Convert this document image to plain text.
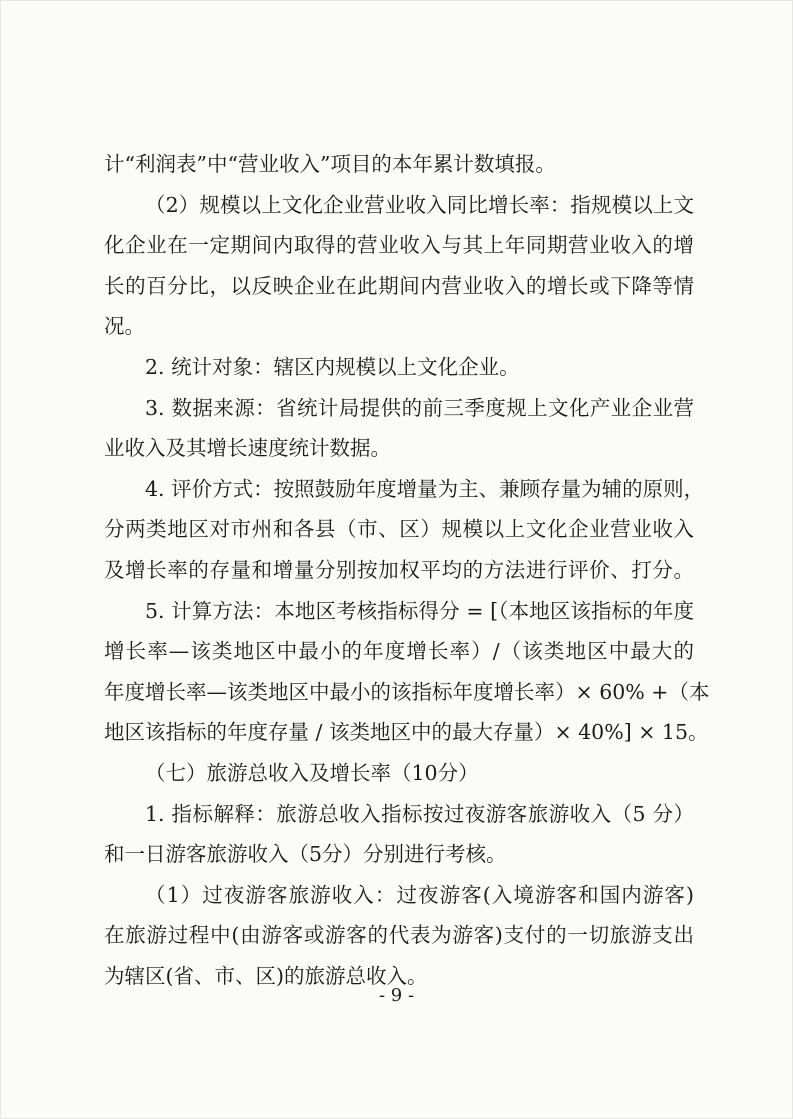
计“利润表”中“营业收入”项目的本年累计数填报。
（2）规模以上文化企业营业收入同比增长率：指规模以上文
化企业在一定期间内取得的营业收入与其上年同期营业收入的增
长的百分比，以反映企业在此期间内营业收入的增长或下降等情
况。
2. 统计对象：辖区内规模以上文化企业。
3. 数据来源：省统计局提供的前三季度规上文化产业企业营
业收入及其增长速度统计数据。
4. 评价方式：按照鼓励年度增量为主、兼顾存量为辅的原则，
分两类地区对市州和各县（市、区）规模以上文化企业营业收入
及增长率的存量和增量分别按加权平均的方法进行评价、打分。
5. 计算方法：本地区考核指标得分 = [（本地区该指标的年度
增长率—该类地区中最小的年度增长率）/（该类地区中最大的
年度增长率—该类地区中最小的该指标年度增长率）× 60% +（本
地区该指标的年度存量 / 该类地区中的最大存量）× 40%] × 15。
（七）旅游总收入及增长率（10分）
1. 指标解释：旅游总收入指标按过夜游客旅游收入（5 分）
和一日游客旅游收入（5分）分别进行考核。
（1）过夜游客旅游收入：过夜游客(入境游客和国内游客)
在旅游过程中(由游客或游客的代表为游客)支付的一切旅游支出
为辖区(省、市、区)的旅游总收入。
- 9 -
